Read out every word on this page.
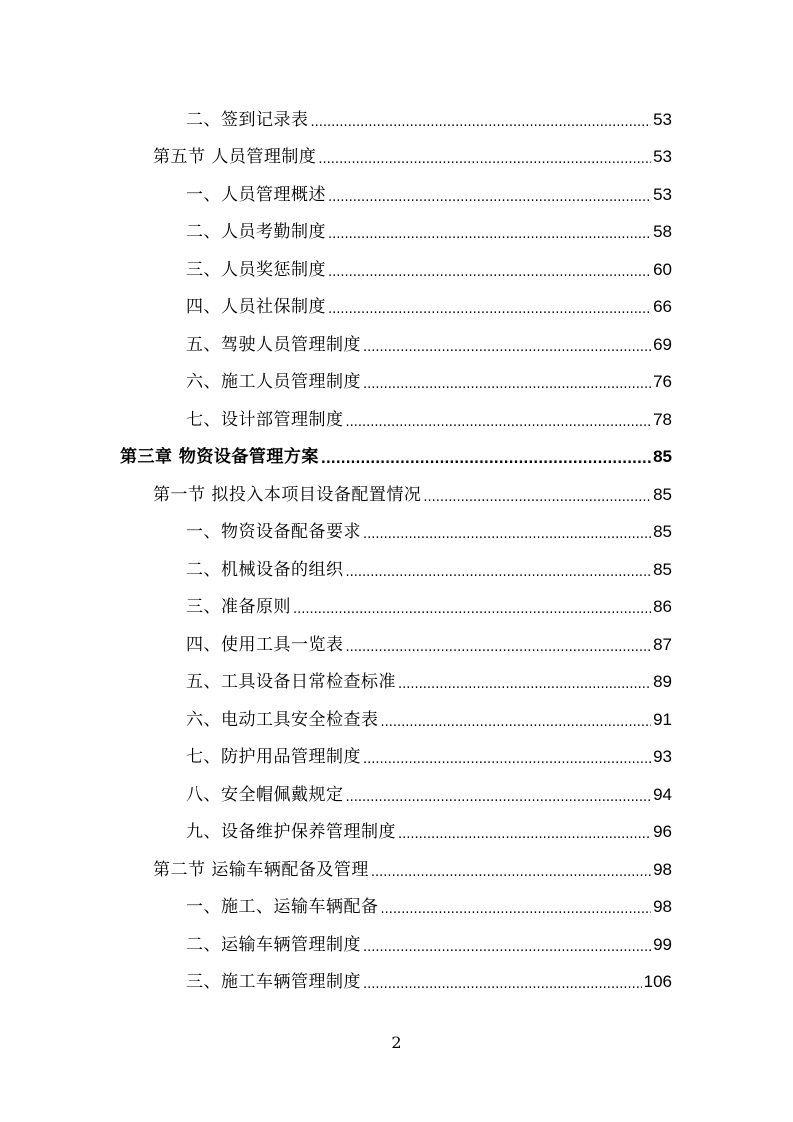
二、签到记录表 .....	53
第五节 人员管理制度 .....	53
一、人员管理概述 .....	53
二、人员考勤制度 .....	58
三、人员奖惩制度 .....	60
四、人员社保制度 .....	66
五、驾驶人员管理制度 .....	69
六、施工人员管理制度 .....	76
七、设计部管理制度 .....	78
第三章 物资设备管理方案 .....	85
第一节 拟投入本项目设备配置情况 .....	85
一、物资设备配备要求 .....	85
二、机械设备的组织 .....	85
三、准备原则 .....	86
四、使用工具一览表 .....	87
五、工具设备日常检查标准 .....	89
六、电动工具安全检查表 .....	91
七、防护用品管理制度 .....	93
八、安全帽佩戴规定 .....	94
九、设备维护保养管理制度 .....	96
第二节 运输车辆配备及管理 .....	98
一、施工、运输车辆配备 .....	98
二、运输车辆管理制度 .....	99
三、施工车辆管理制度 .....	106
2
